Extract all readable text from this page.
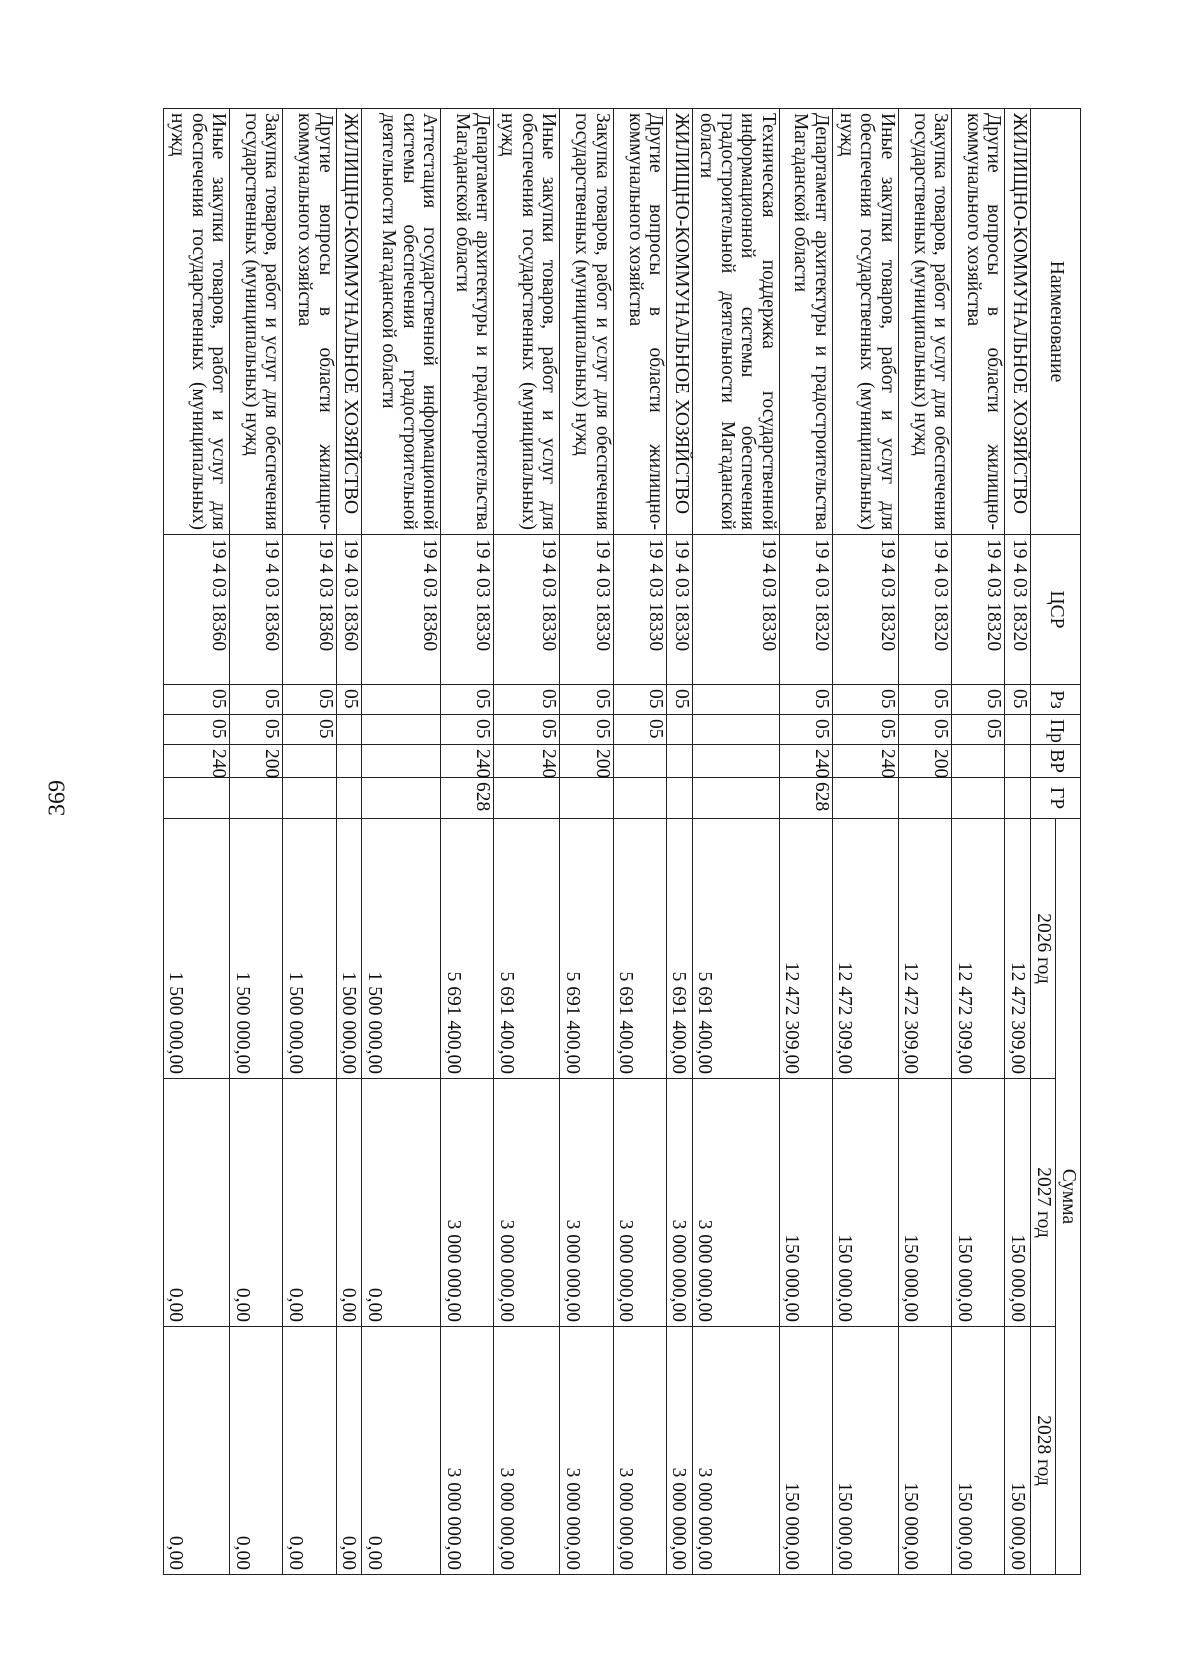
369
Наименование	ЦСР	Рз	Пр	ВР	ГР	Сумма		
						2026 год	2027 год	2028 год
ЖИЛИЩНО-КОММУНАЛЬНОЕ ХОЗЯЙСТВО	19 4 03 18320	05				12 472 309,00	150 000,00	150 000,00
Другие вопросы в области жилищно-коммунального хозяйства	19 4 03 18320	05	05			12 472 309,00	150 000,00	150 000,00
Закупка товаров, работ и услуг для обеспечения государственных (муниципальных) нужд	19 4 03 18320	05	05	200		12 472 309,00	150 000,00	150 000,00
Иные закупки товаров, работ и услуг для обеспечения государственных (муниципальных) нужд	19 4 03 18320	05	05	240		12 472 309,00	150 000,00	150 000,00
Департамент архитектуры и градостроительства Магаданской области	19 4 03 18320	05	05	240	628	12 472 309,00	150 000,00	150 000,00
Техническая поддержка государственной информационной системы обеспечения градостроительной деятельности Магаданской области	19 4 03 18330					5 691 400,00	3 000 000,00	3 000 000,00
ЖИЛИЩНО-КОММУНАЛЬНОЕ ХОЗЯЙСТВО	19 4 03 18330	05				5 691 400,00	3 000 000,00	3 000 000,00
Другие вопросы в области жилищно-коммунального хозяйства	19 4 03 18330	05	05			5 691 400,00	3 000 000,00	3 000 000,00
Закупка товаров, работ и услуг для обеспечения государственных (муниципальных) нужд	19 4 03 18330	05	05	200		5 691 400,00	3 000 000,00	3 000 000,00
Иные закупки товаров, работ и услуг для обеспечения государственных (муниципальных) нужд	19 4 03 18330	05	05	240		5 691 400,00	3 000 000,00	3 000 000,00
Департамент архитектуры и градостроительства Магаданской области	19 4 03 18330	05	05	240	628	5 691 400,00	3 000 000,00	3 000 000,00
Аттестация государственной информационной системы обеспечения градостроительной деятельности Магаданской области	19 4 03 18360					1 500 000,00	0,00	0,00
ЖИЛИЩНО-КОММУНАЛЬНОЕ ХОЗЯЙСТВО	19 4 03 18360	05				1 500 000,00	0,00	0,00
Другие вопросы в области жилищно-коммунального хозяйства	19 4 03 18360	05	05			1 500 000,00	0,00	0,00
Закупка товаров, работ и услуг для обеспечения государственных (муниципальных) нужд	19 4 03 18360	05	05	200		1 500 000,00	0,00	0,00
Иные закупки товаров, работ и услуг для обеспечения государственных (муниципальных) нужд	19 4 03 18360	05	05	240		1 500 000,00	0,00	0,00
